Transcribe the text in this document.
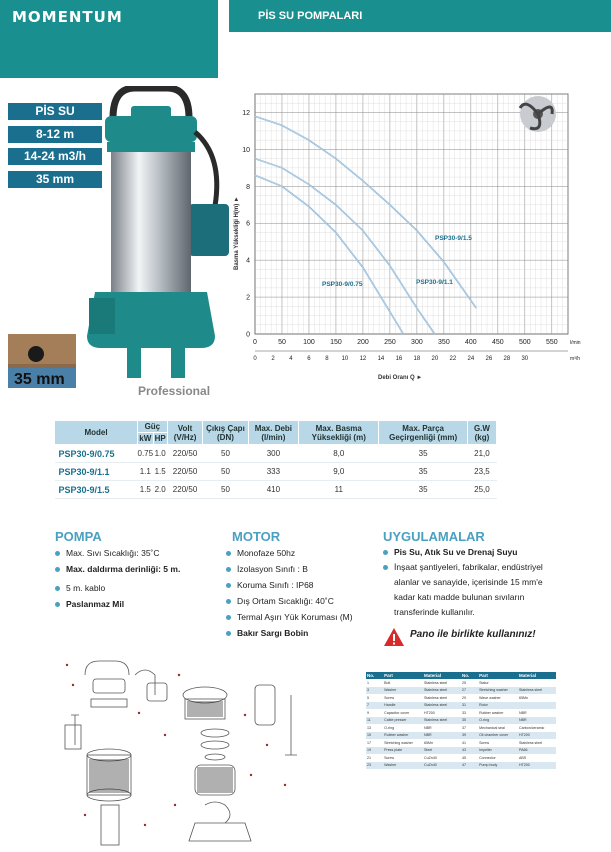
MOMENTUM	PİS SU POMPALARI
PİS SU
8-12 m
14-24 m3/h
35 mm
35 mm
Professional
PSP30-9/0.75	PSP30-9/1.1
PSP30-9/1.5
0
2
4
6
8
10
12
0	50 100 150 200 250 300 350 400 450 500 550 l/min
0 2 4 6 8 10 12 14 16 18 20 22 24 26 28 30	m³/h
Basma Yüksekliği H(m) ►
Debi Oranı Q ►
Model	Güç		Volt (V/Hz)	Çıkış Çapı (DN)	Max. Debi (l/min)	Max. Basma Yüksekliği (m)	Max. Parça Geçirgenliği (mm)	G.W (kg)
	kW	HP						
PSP30-9/0.75	0.75	1.0	220/50	50	300	8,0	35	21,0
PSP30-9/1.1	1.1	1.5	220/50	50	333	9,0	35	23,5
PSP30-9/1.5	1.5	2.0	220/50	50	410	11	35	25,0
POMPA
Max. Sıvı Sıcaklığı: 35˚C
Max. daldırma derinliği: 5 m.
5 m. kablo
Paslanmaz Mil
MOTOR
Monofaze 50hz
İzolasyon Sınıfı : B
Koruma Sınıfı : IP68
Dış Ortam Sıcaklığı: 40˚C
Termal Aşırı Yük Koruması (M)
Bakır Sargı Bobin
UYGULAMALAR
Pis Su, Atık Su ve Drenaj Suyu
İnşaat şantiyeleri, fabrikalar, endüstriyel alanlar ve sanayide, içerisinde 15 mm'e kadar katı madde bulunan sıvıların transferinde kullanılır.
Pano ile birlikte kullanınız!
No.	Part	Material	No.	Part	Material
1	Bolt	Stainless steel	25	Stator	
3	Washer	Stainless steel	27	Stretching washer	Stainless steel
5	Screw	Stainless steel	29	Wave washer	65Mn
7	Handle	Stainless steel	31	Rotor	
9	Capacitor cover	HT200	33	Rubber washer	NBR
11	Cable presser	Stainless steel	35	O-ring	NBR
13	O-ring	NBR	37	Mechanical seal	Carbon/ceramic
15	Rubber washer	NBR	39	Oil chamber cover	HT200
17	Stretching washer	65Mn	41	Screw	Stainless steel
19	Press plate	Steel	43	Impeller	PA66
21	Screw	CuZn40	45	Connector	ABS
23	Washer	CuZn40	47	Pump body	HT200
